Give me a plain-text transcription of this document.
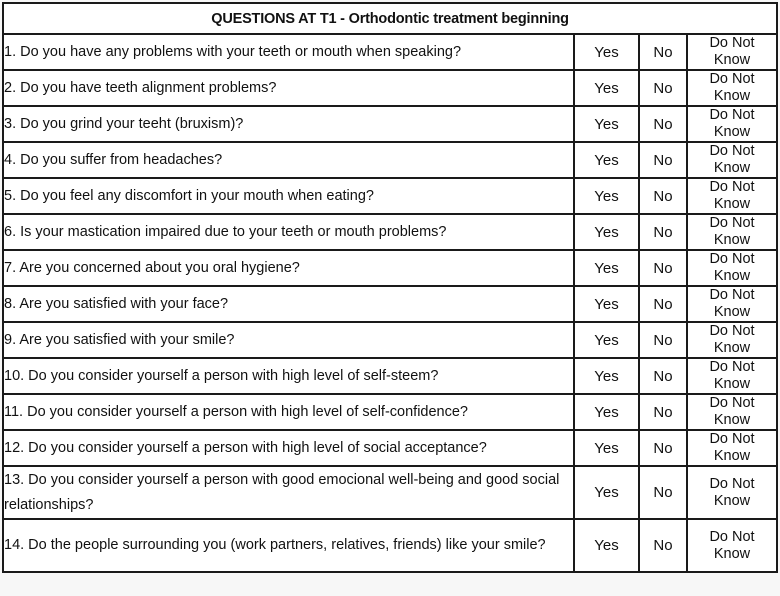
QUESTIONS AT T1 - Orthodontic treatment beginning			
1. Do you have any problems with your teeth or mouth when speaking?	Yes	No	Do Not
Know

2. Do you have teeth alignment problems?	Yes	No	Do Not
Know

3. Do you grind your teeht (bruxism)?	Yes	No	Do Not
Know

4. Do you suffer from headaches?	Yes	No	Do Not
Know

5. Do you feel any discomfort in your mouth when eating?	Yes	No	Do Not
Know

6. Is your mastication impaired due to your teeth or mouth problems?	Yes	No	Do Not
Know

7. Are you concerned about you oral hygiene?	Yes	No	Do Not
Know

8. Are you satisfied with your face?	Yes	No	Do Not
Know

9. Are you satisfied with your smile?	Yes	No	Do Not
Know

10. Do you consider yourself a person with high level of self-steem?	Yes	No	Do Not
Know

11. Do you consider yourself a person with high level of self-confidence?	Yes	No	Do Not
Know

12. Do you consider yourself a person with high level of social acceptance?	Yes	No	Do Not
Know

13. Do you consider yourself a person with good emocional well-being and good social relationships?	Yes	No	Do Not
Know

14. Do the people surrounding you (work partners, relatives, friends) like your smile?	Yes	No	Do Not
Know
